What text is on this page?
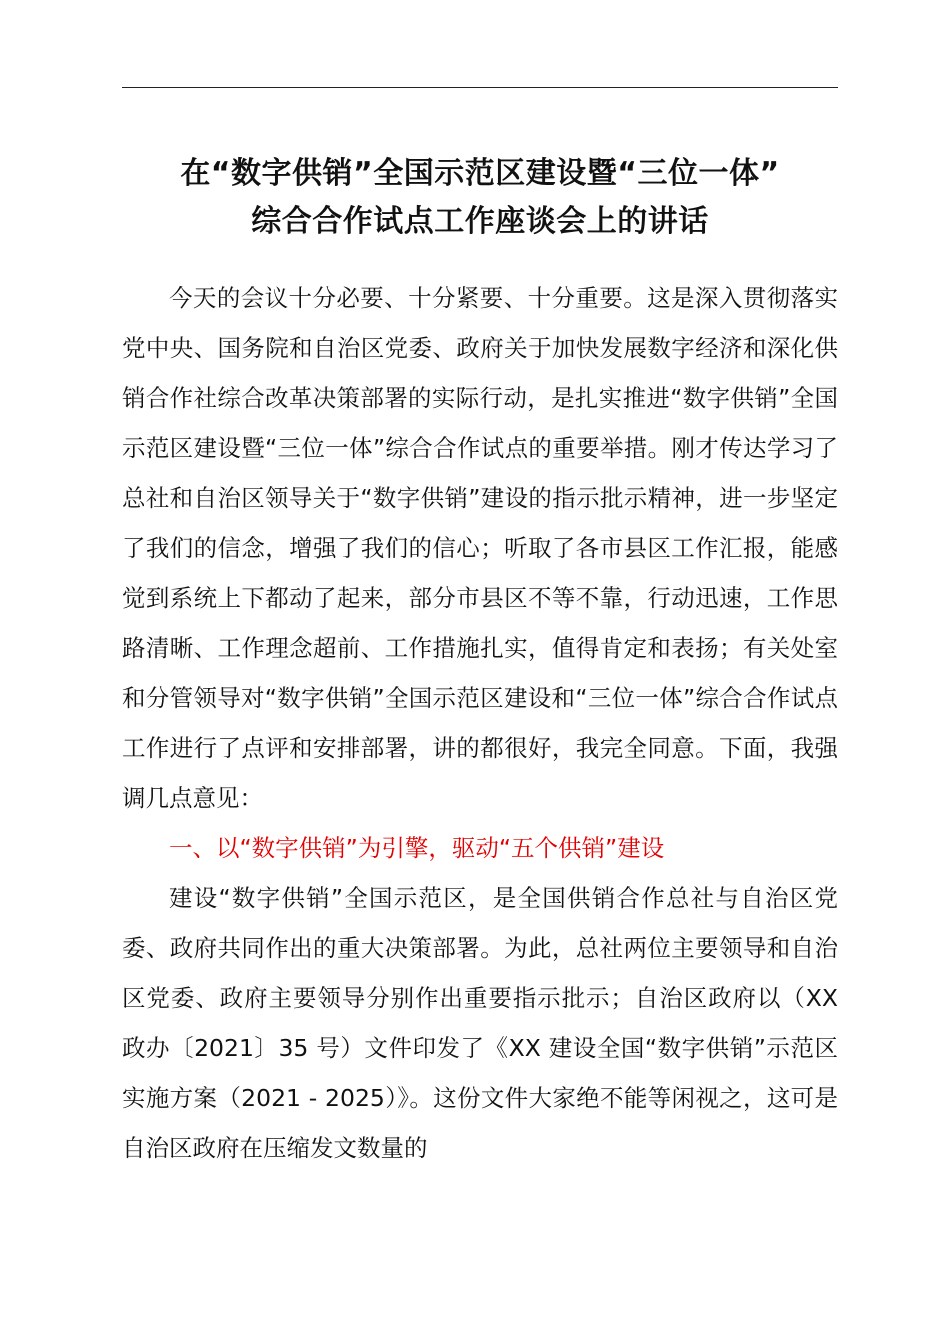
在“数字供销”全国示范区建设暨“三位一体”
综合合作试点工作座谈会上的讲话

今天的会议十分必要、十分紧要、十分重要。这是深入贯彻落实党中央、国务院和自治区党委、政府关于加快发展数字经济和深化供销合作社综合改革决策部署的实际行动，是扎实推进“数字供销”全国示范区建设暨“三位一体”综合合作试点的重要举措。刚才传达学习了总社和自治区领导关于“数字供销”建设的指示批示精神，进一步坚定了我们的信念，增强了我们的信心；听取了各市县区工作汇报，能感觉到系统上下都动了起来，部分市县区不等不靠，行动迅速，工作思路清晰、工作理念超前、工作措施扎实，值得肯定和表扬；有关处室和分管领导对“数字供销”全国示范区建设和“三位一体”综合合作试点工作进行了点评和安排部署，讲的都很好，我完全同意。下面，我强调几点意见：

一、以“数字供销”为引擎，驱动“五个供销”建设

建设“数字供销”全国示范区，是全国供销合作总社与自治区党委、政府共同作出的重大决策部署。为此，总社两位主要领导和自治区党委、政府主要领导分别作出重要指示批示；自治区政府以（XX 政办〔2021〕35 号）文件印发了《XX 建设全国“数字供销”示范区实施方案（2021 - 2025）》。这份文件大家绝不能等闲视之，这可是自治区政府在压缩发文数量的
